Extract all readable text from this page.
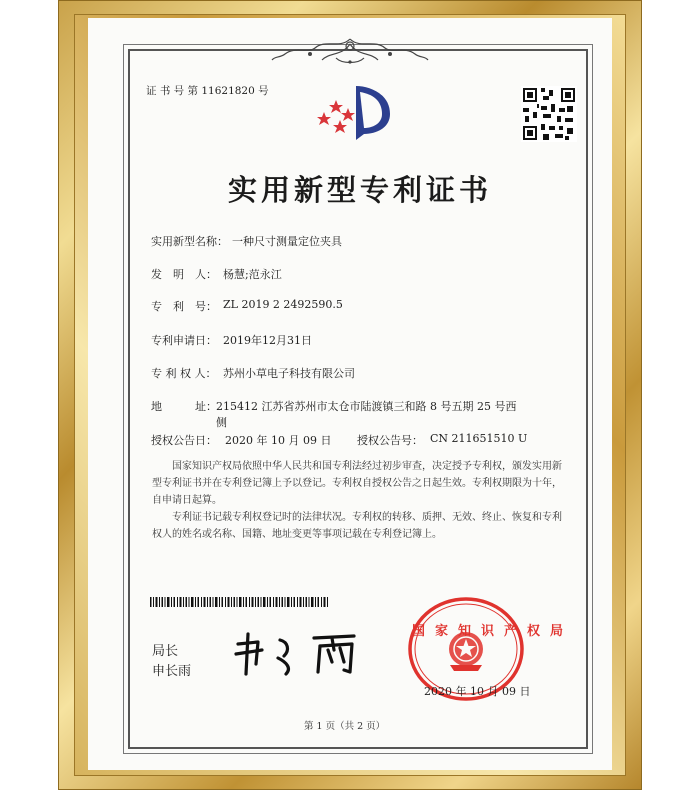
证 书 号 第 11621820 号
实用新型专利证书
实用新型名称： 一种尺寸测量定位夹具
发　明　人： 杨慧;范永江
专　利　号： ZL 2019 2 2492590.5
专利申请日： 2019年12月31日
专 利 权 人： 苏州小草电子科技有限公司
地　　　址： 215412 江苏省苏州市太仓市陆渡镇三和路 8 号五期 25 号西
侧
授权公告日： 2020 年 10 月 09 日 授权公告号： CN 211651510 U
国家知识产权局依照中华人民共和国专利法经过初步审查，决定授予专利权，颁发实用新型专利证书并在专利登记簿上予以登记。专利权自授权公告之日起生效。专利权期限为十年，自申请日起算。
专利证书记载专利权登记时的法律状况。专利权的转移、质押、无效、终止、恢复和专利权人的姓名或名称、国籍、地址变更等事项记载在专利登记簿上。
局长
申长雨
国家知识产权局
2020 年 10 月 09 日
第 1 页（共 2 页）
